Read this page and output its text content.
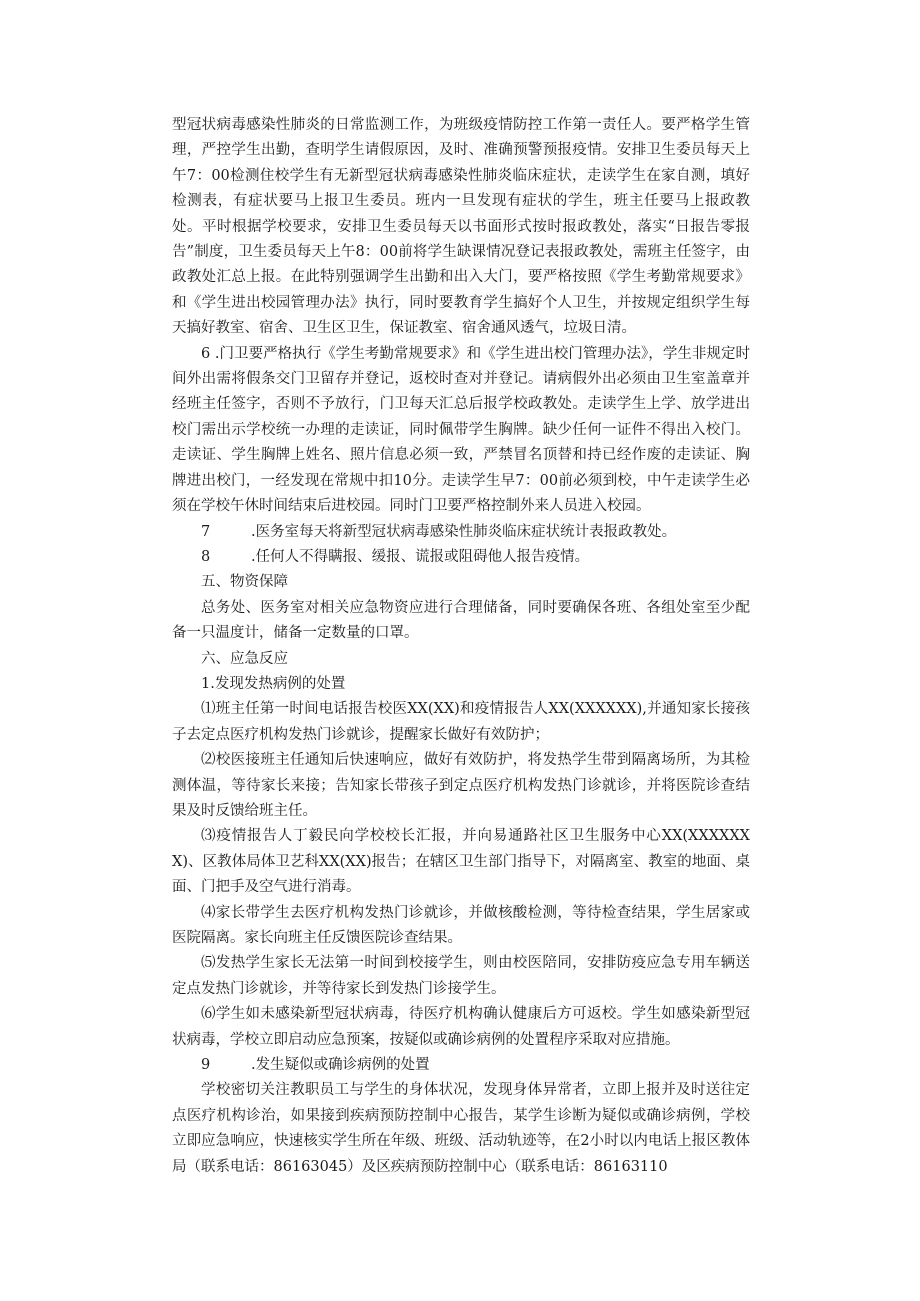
型冠状病毒感染性肺炎的日常监测工作，为班级疫情防控工作第一责任人。要严格学生管理，严控学生出勤，查明学生请假原因，及时、准确预警预报疫情。安排卫生委员每天上午7：00检测住校学生有无新型冠状病毒感染性肺炎临床症状，走读学生在家自测，填好检测表，有症状要马上报卫生委员。班内一旦发现有症状的学生，班主任要马上报政教处。平时根据学校要求，安排卫生委员每天以书面形式按时报政教处，落实“日报告零报告”制度，卫生委员每天上午8：00前将学生缺课情况登记表报政教处，需班主任签字，由政教处汇总上报。在此特别强调学生出勤和出入大门，要严格按照《学生考勤常规要求》和《学生进出校园管理办法》执行，同时要教育学生搞好个人卫生，并按规定组织学生每天搞好教室、宿舍、卫生区卫生，保证教室、宿舍通风透气，垃圾日清。

6 .门卫要严格执行《学生考勤常规要求》和《学生进出校门管理办法》，学生非规定时间外出需将假条交门卫留存并登记，返校时查对并登记。请病假外出必须由卫生室盖章并经班主任签字，否则不予放行，门卫每天汇总后报学校政教处。走读学生上学、放学进出校门需出示学校统一办理的走读证，同时佩带学生胸牌。缺少任何一证件不得出入校门。走读证、学生胸牌上姓名、照片信息必须一致，严禁冒名顶替和持已经作废的走读证、胸牌进出校门，一经发现在常规中扣10分。走读学生早7：00前必须到校，中午走读学生必须在学校午休时间结束后进校园。同时门卫要严格控制外来人员进入校园。

7	.医务室每天将新型冠状病毒感染性肺炎临床症状统计表报政教处。

8	.任何人不得瞒报、缓报、谎报或阻碍他人报告疫情。

五、物资保障

总务处、医务室对相关应急物资应进行合理储备，同时要确保各班、各组处室至少配备一只温度计，储备一定数量的口罩。

六、应急反应

1.发现发热病例的处置

⑴班主任第一时间电话报告校医XX(XX)和疫情报告人XX(XXXXXX),并通知家长接孩子去定点医疗机构发热门诊就诊，提醒家长做好有效防护；

⑵校医接班主任通知后快速响应，做好有效防护，将发热学生带到隔离场所，为其检测体温，等待家长来接；告知家长带孩子到定点医疗机构发热门诊就诊，并将医院诊查结果及时反馈给班主任。

⑶疫情报告人丁毅民向学校校长汇报，并向易通路社区卫生服务中心XX(XXXXXXX)、区教体局体卫艺科XX(XX)报告；在辖区卫生部门指导下，对隔离室、教室的地面、桌面、门把手及空气进行消毒。

⑷家长带学生去医疗机构发热门诊就诊，并做核酸检测，等待检查结果，学生居家或医院隔离。家长向班主任反馈医院诊查结果。

⑸发热学生家长无法第一时间到校接学生，则由校医陪同，安排防疫应急专用车辆送定点发热门诊就诊，并等待家长到发热门诊接学生。

⑹学生如未感染新型冠状病毒，待医疗机构确认健康后方可返校。学生如感染新型冠状病毒，学校立即启动应急预案，按疑似或确诊病例的处置程序采取对应措施。

9	.发生疑似或确诊病例的处置

学校密切关注教职员工与学生的身体状况，发现身体异常者，立即上报并及时送往定点医疗机构诊治，如果接到疾病预防控制中心报告，某学生诊断为疑似或确诊病例，学校立即应急响应，快速核实学生所在年级、班级、活动轨迹等，在2小时以内电话上报区教体局（联系电话：86163045）及区疾病预防控制中心（联系电话：86163110
